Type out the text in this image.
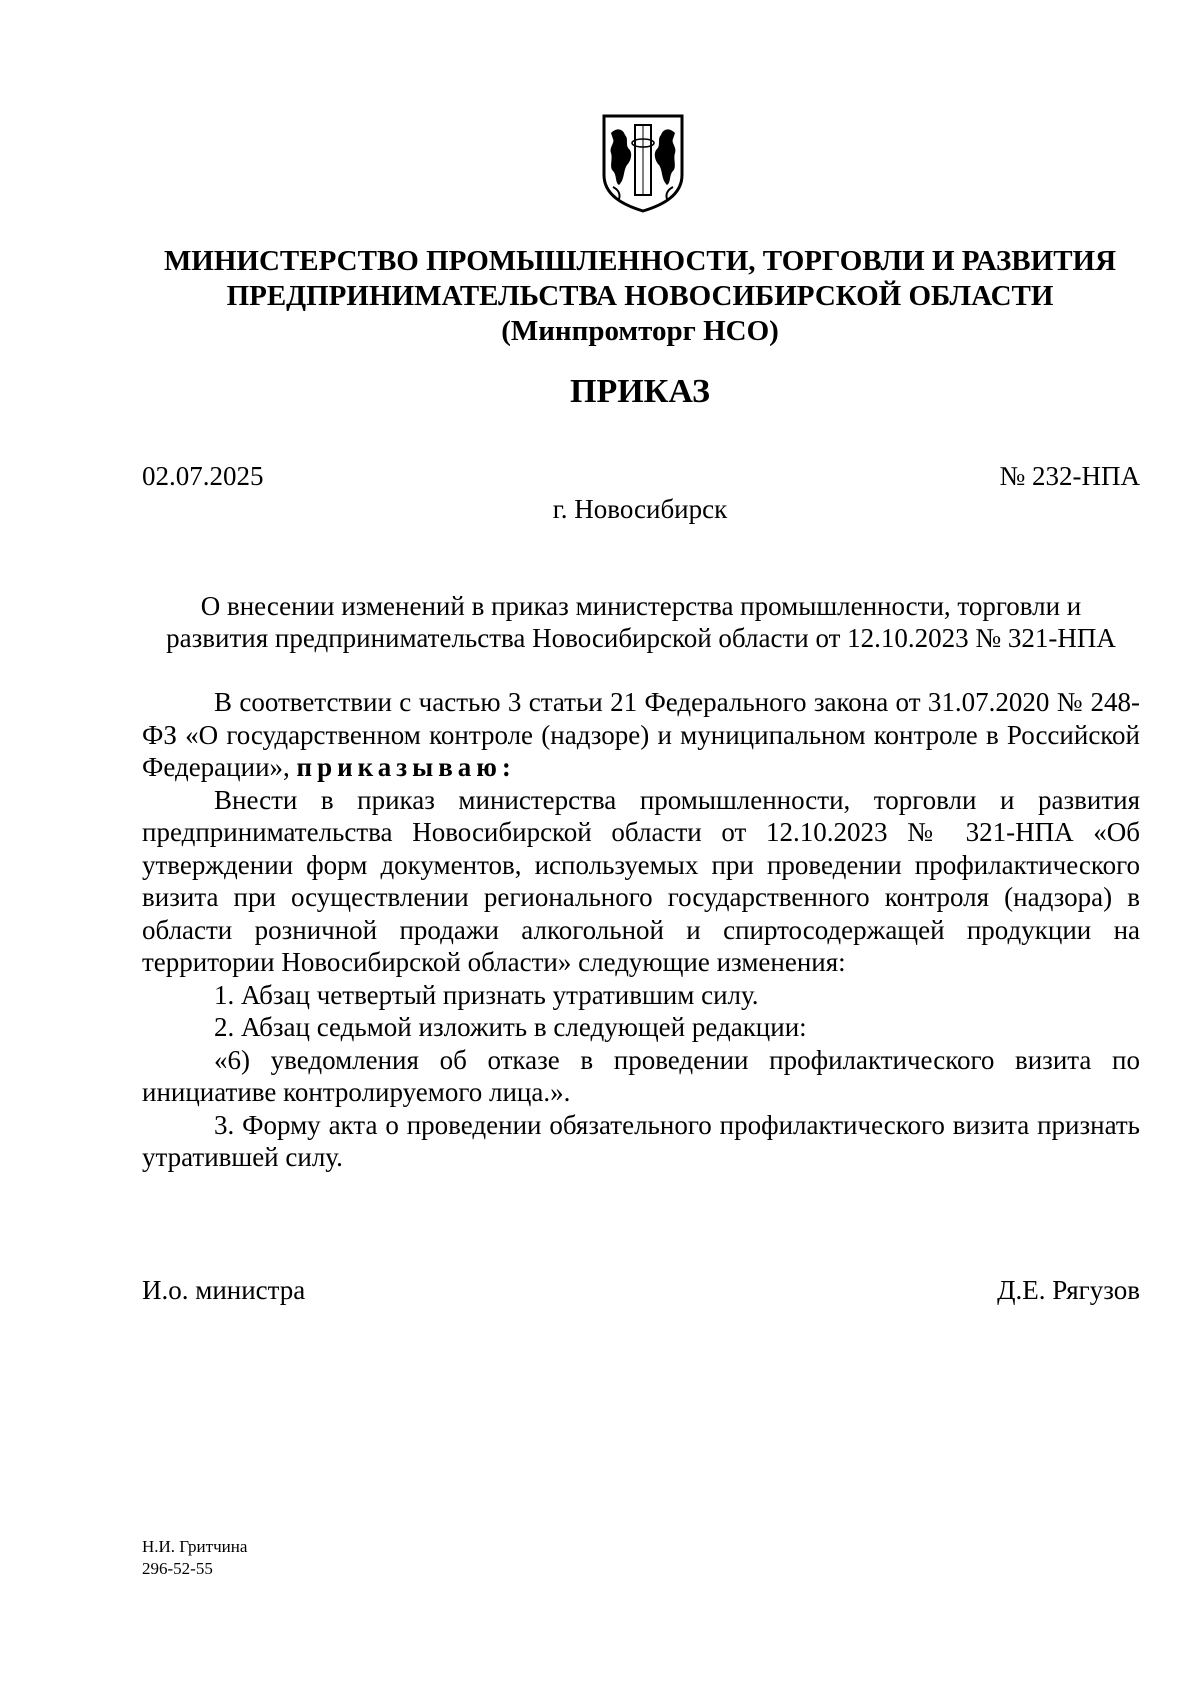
МИНИСТЕРСТВО ПРОМЫШЛЕННОСТИ, ТОРГОВЛИ И РАЗВИТИЯ
ПРЕДПРИНИМАТЕЛЬСТВА НОВОСИБИРСКОЙ ОБЛАСТИ
(Минпромторг НСО)
ПРИКАЗ
02.07.2025	№ 232-НПА
г. Новосибирск
О внесении изменений в приказ министерства промышленности, торговли и
развития предпринимательства Новосибирской области от 12.10.2023 № 321-НПА

В соответствии с частью 3 статьи 21 Федерального закона от 31.07.2020 № 248-ФЗ «О государственном контроле (надзоре) и муниципальном контроле в Российской Федерации», приказываю:

Внести в приказ министерства промышленности, торговли и развития предпринимательства Новосибирской области от 12.10.2023 № 321-НПА «Об утверждении форм документов, используемых при проведении профилактического визита при осуществлении регионального государственного контроля (надзора) в области розничной продажи алкогольной и спиртосодержащей продукции на территории Новосибирской области» следующие изменения:

1. Абзац четвертый признать утратившим силу.

2. Абзац седьмой изложить в следующей редакции:

«6) уведомления об отказе в проведении профилактического визита по инициативе контролируемого лица.».

3. Форму акта о проведении обязательного профилактического визита признать утратившей силу.

И.о. министра	Д.Е. Рягузов
Н.И. Гритчина
296-52-55
